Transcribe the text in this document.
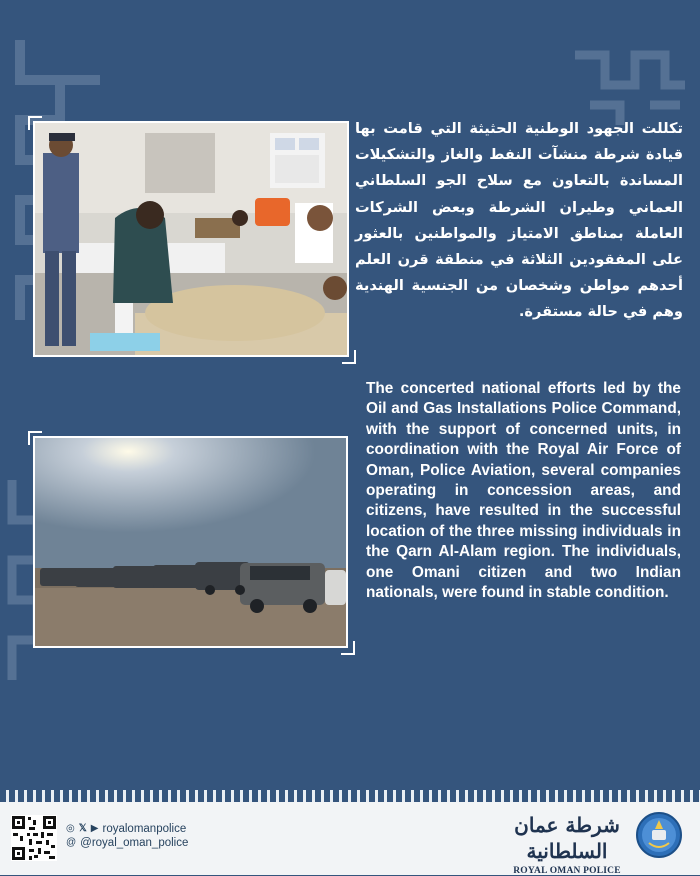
تكللت الجهود الوطنية الحثيثة التي قامت بها قيادة شرطة منشآت النفط والغاز والتشكيلات المساندة بالتعاون مع سلاح الجو السلطاني العماني وطيران الشرطة وبعض الشركات العاملة بمناطق الامتياز والمواطنين بالعثور على المفقودين الثلاثة في منطقة قرن العلم أحدهم مواطن وشخصان من الجنسية الهندية وهم في حالة مستقرة.
The concerted national efforts led by the Oil and Gas Installations Police Command, with the support of concerned units, in coordination with the Royal Air Force of Oman, Police Aviation, several companies operating in concession areas, and citizens, have resulted in the successful location of the three missing individuals in the Qarn Al-Alam region. The individuals, one Omani citizen and two Indian nationals, were found in stable condition.
◎ 𝕏 ▶ royalomanpolice
@ @royal_oman_police
شرطة عمان السلطانية
ROYAL OMAN POLICE
